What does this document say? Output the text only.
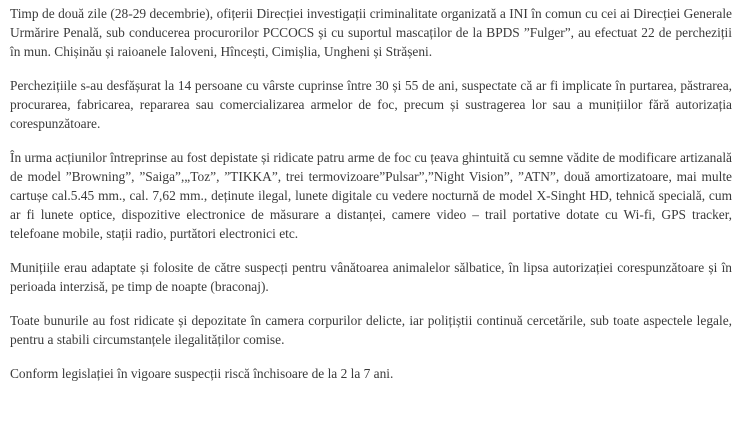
Timp de două zile (28-29 decembrie), ofițerii Direcției investigații criminalitate organizată a INI în comun cu cei ai Direcției Generale Urmărire Penală, sub conducerea procurorilor PCCOCS și cu suportul mascaților de la BPDS ”Fulger”, au efectuat 22 de percheziții în mun. Chișinău și raioanele Ialoveni, Hîncești, Cimișlia, Ungheni și Strășeni.

Perchezițiile s-au desfășurat la 14 persoane cu vârste cuprinse între 30 și 55 de ani, suspectate că ar fi implicate în purtarea, păstrarea, procurarea, fabricarea, repararea sau comercializarea armelor de foc, precum și sustragerea lor sau a munițiilor fără autorizația corespunzătoare.

În urma acțiunilor întreprinse au fost depistate și ridicate patru arme de foc cu țeava ghintuită cu semne vădite de modificare artizanală de model ”Browning”, ”Saiga”,„Toz”, ”TIKKA”, trei termovizoare”Pulsar”,”Night Vision”, ”ATN”, două amortizatoare, mai multe cartușe cal.5.45 mm., cal. 7,62 mm., deținute ilegal, lunete digitale cu vedere nocturnă de model X-Singht HD, tehnică specială, cum ar fi lunete optice, dispozitive electronice de măsurare a distanței, camere video – trail portative dotate cu Wi-fi, GPS tracker, telefoane mobile, stații radio, purtători electronici etc.

Munițiile erau adaptate și folosite de către suspecți pentru vânătoarea animalelor sălbatice, în lipsa autorizației corespunzătoare și în perioada interzisă, pe timp de noapte (braconaj).

Toate bunurile au fost ridicate și depozitate în camera corpurilor delicte, iar polițiștii continuă cercetările, sub toate aspectele legale, pentru a stabili circumstanțele ilegalităților comise.

Conform legislației în vigoare suspecții riscă închisoare de la 2 la 7 ani.
